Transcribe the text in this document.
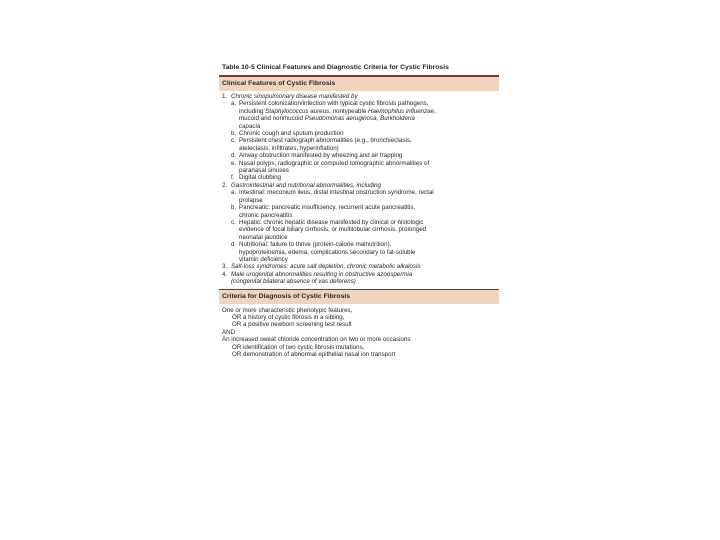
Table 10-5 Clinical Features and Diagnostic Criteria for Cystic Fibrosis
Clinical Features of Cystic Fibrosis
1. Chronic sinopulmonary disease manifested by
a. Persistent colonization/infection with typical cystic fibrosis pathogens,
including Staphylococcus aureus, nontypeable Haemophilus influenzae,
mucoid and nonmucoid Pseudomonas aeruginosa, Burkholderia
capacia
b. Chronic cough and sputum production
c. Persistent chest radiograph abnormalities (e.g., bronchiectasis,
atelectasis, infiltrates, hyperinflation)
d. Airway obstruction manifested by wheezing and air trapping
e. Nasal polyps; radiographic or computed tomographic abnormalities of
paranasal sinuses
f. Digital clubbing
2. Gastrointestinal and nutritional abnormalities, including
a. Intestinal: meconium ileus, distal intestinal obstruction syndrome, rectal
prolapse
b. Pancreatic: pancreatic insufficiency, recurrent acute pancreatitis,
chronic pancreatitis
c. Hepatic: chronic hepatic disease manifested by clinical or histologic
evidence of focal biliary cirrhosis, or multilobular cirrhosis, prolonged
neonatal jaundice
d. Nutritional: failure to thrive (protein-calorie malnutrition),
hypoproteinemia, edema, complications secondary to fat-soluble
vitamin deficiency
3. Salt-loss syndromes: acute salt depletion, chronic metabolic alkalosis
4. Male urogenital abnormalities resulting in obstructive azoospermia
(congenital bilateral absence of vas deferens)
Criteria for Diagnosis of Cystic Fibrosis
One or more characteristic phenotypic features,
OR a history of cystic fibrosis in a sibling,
OR a positive newborn screening test result
AND
An increased sweat chloride concentration on two or more occasions
OR identification of two cystic fibrosis mutations,
OR demonstration of abnormal epithelial nasal ion transport
